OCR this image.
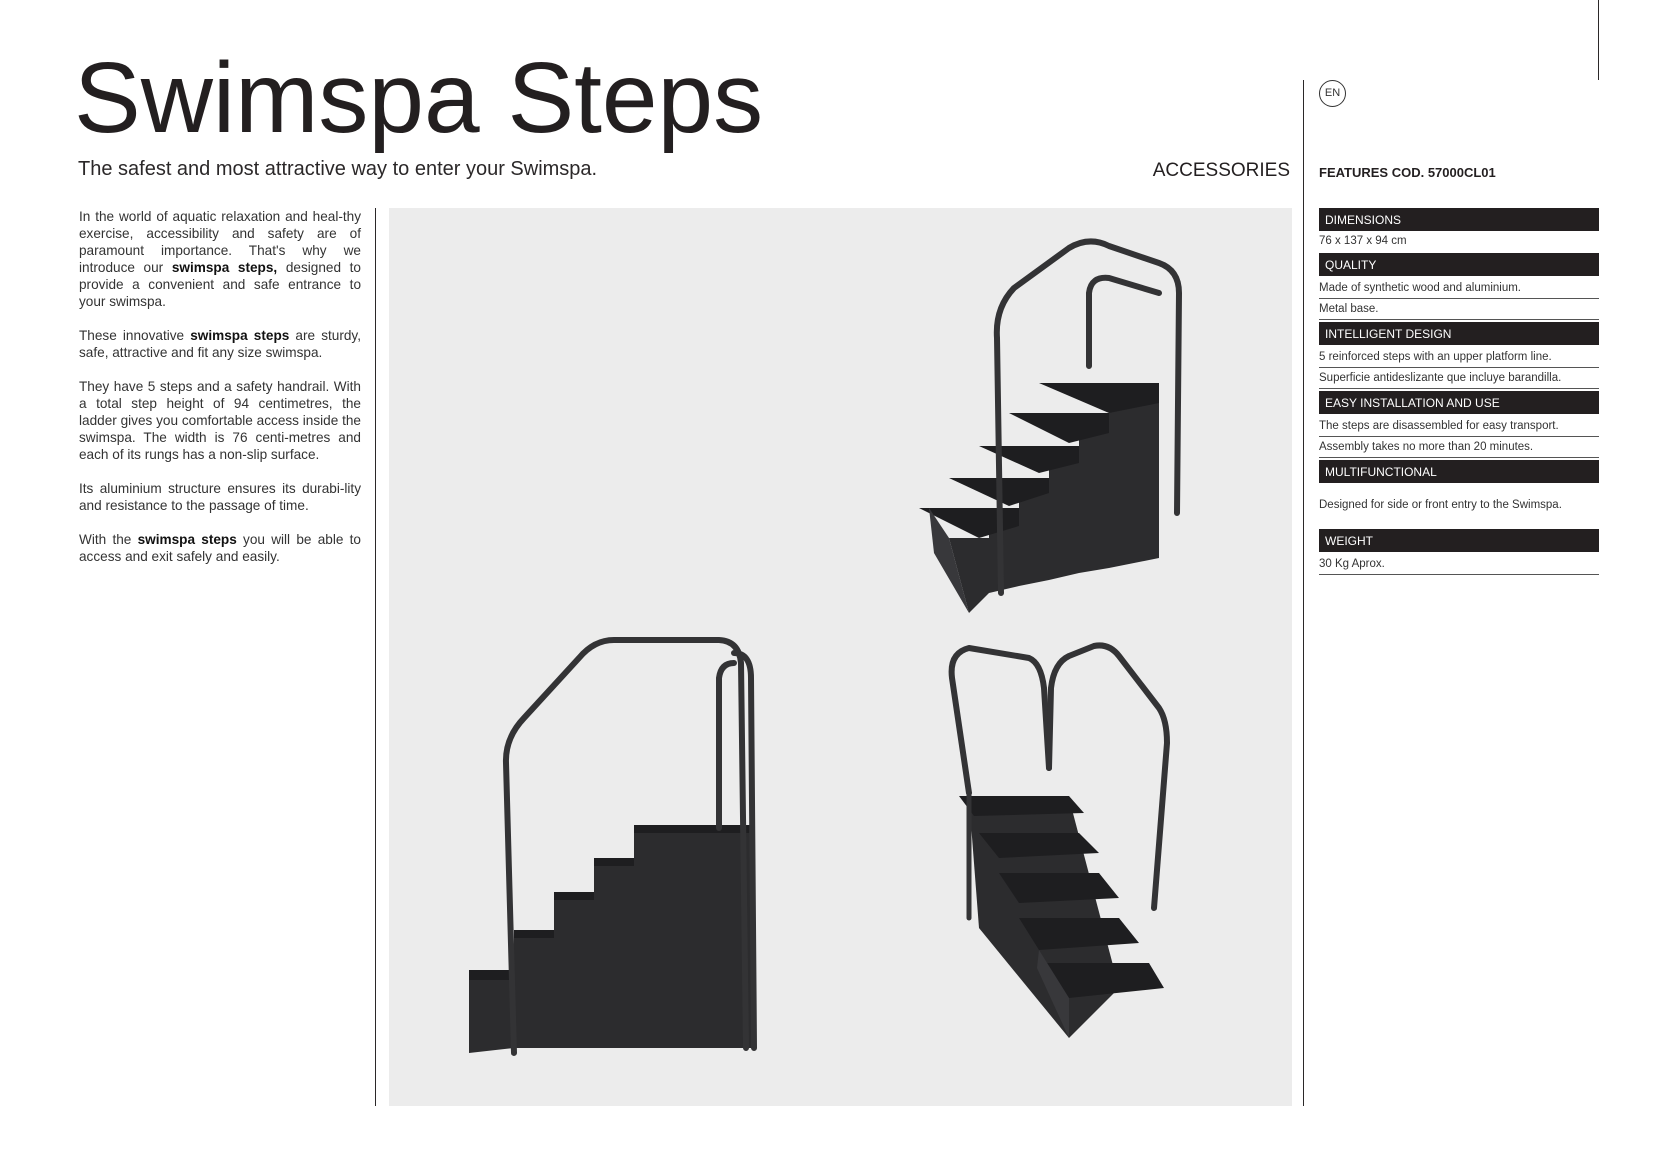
Swimspa Steps
The safest and most attractive way to enter your Swimspa.	ACCESSORIES
EN
FEATURES COD. 57000CL01

In the world of aquatic relaxation and heal-thy exercise, accessibility and safety are of paramount importance. That's why we introduce our swimspa steps, designed to provide a convenient and safe entrance to your swimspa.

These innovative swimspa steps are sturdy, safe, attractive and fit any size swimspa.

They have 5 steps and a safety handrail. With a total step height of 94 centimetres, the ladder gives you comfortable access inside the swimspa. The width is 76 centi-metres and each of its rungs has a non-slip surface.

Its aluminium structure ensures its durabi-lity and resistance to the passage of time.

With the swimspa steps you will be able to access and exit safely and easily.

DIMENSIONS
76 x 137 x 94 cm
QUALITY
Made of synthetic wood and aluminium.
Metal base.
INTELLIGENT DESIGN
5 reinforced steps with an upper platform line.
Superficie antideslizante que incluye barandilla.
EASY INSTALLATION AND USE
The steps are disassembled for easy transport.
Assembly takes no more than 20 minutes.
MULTIFUNCTIONAL
Designed for side or front entry to the Swimspa.
WEIGHT
30 Kg Aprox.
